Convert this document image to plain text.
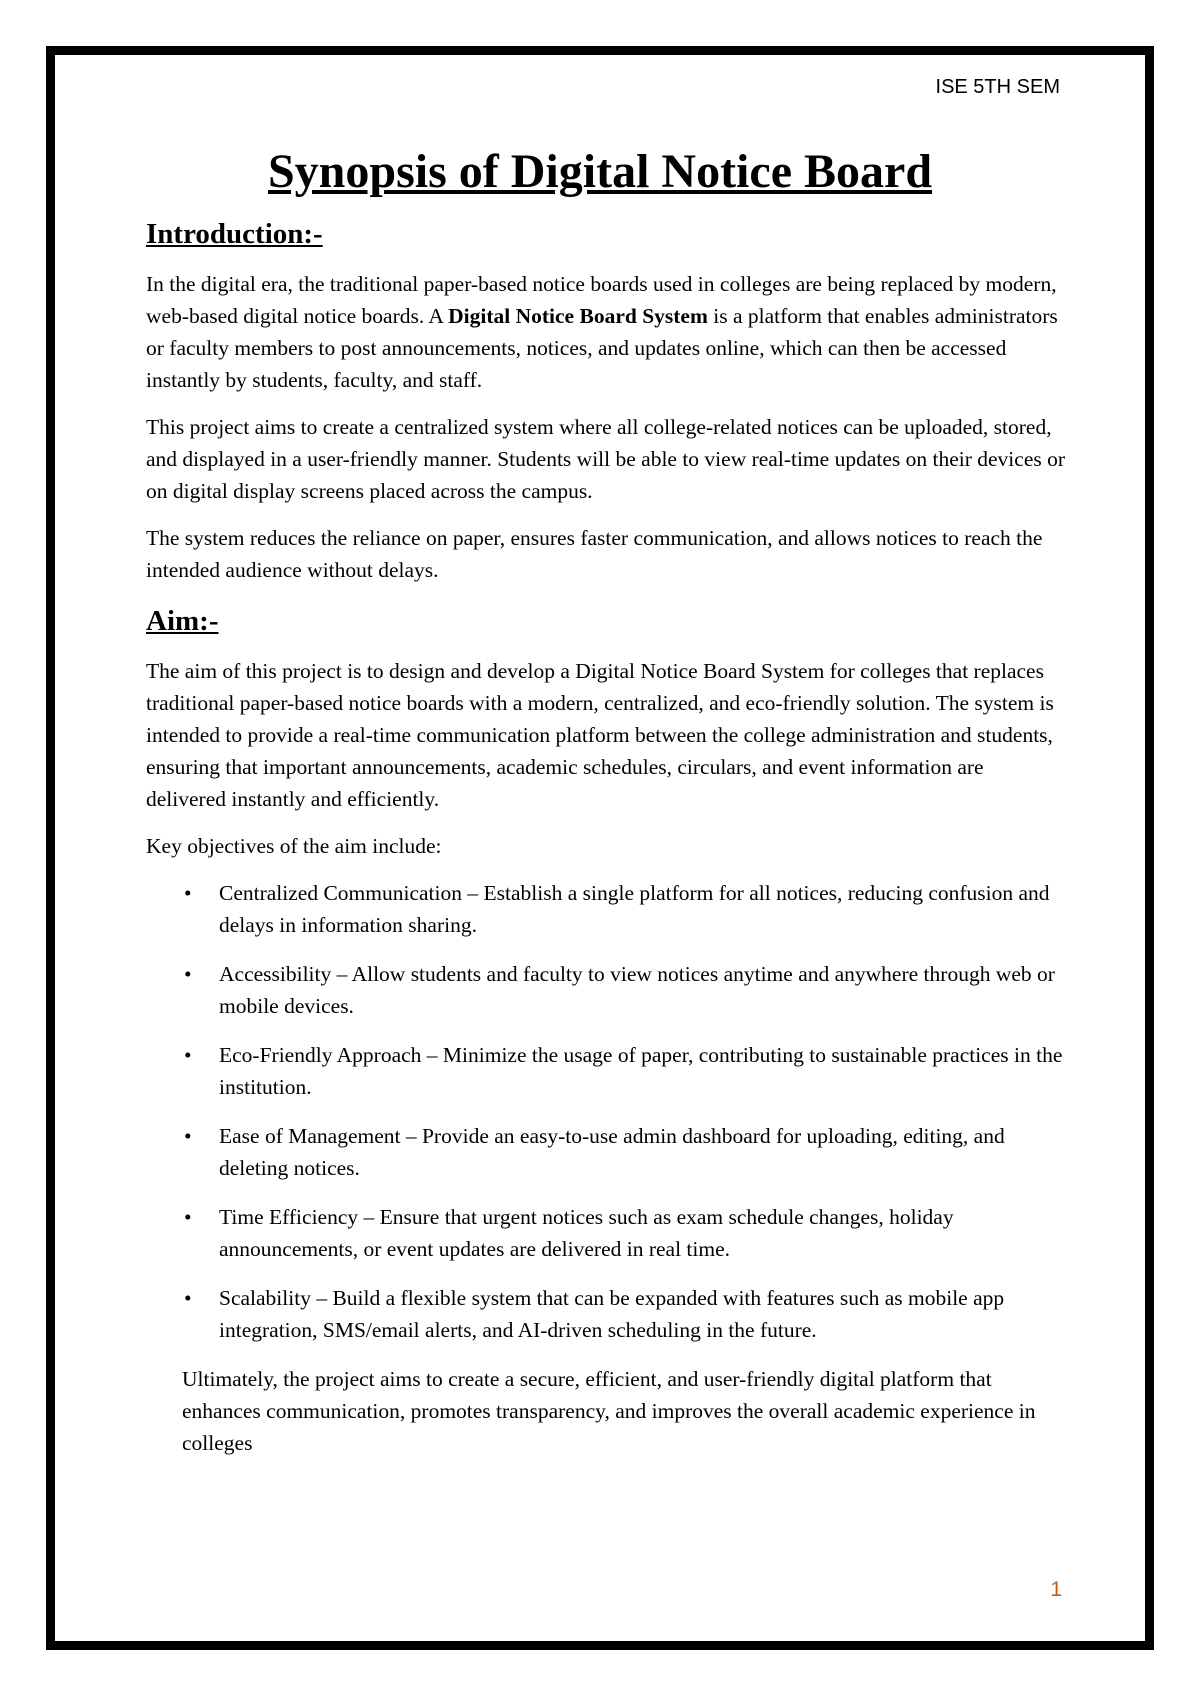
ISE 5TH SEM
Synopsis of Digital Notice Board
Introduction:-

In the digital era, the traditional paper-based notice boards used in colleges are being replaced by modern, web-based digital notice boards. A Digital Notice Board System is a platform that enables administrators or faculty members to post announcements, notices, and updates online, which can then be accessed instantly by students, faculty, and staff.

This project aims to create a centralized system where all college-related notices can be uploaded, stored, and displayed in a user-friendly manner. Students will be able to view real-time updates on their devices or on digital display screens placed across the campus.

The system reduces the reliance on paper, ensures faster communication, and allows notices to reach the intended audience without delays.

Aim:-

The aim of this project is to design and develop a Digital Notice Board System for colleges that replaces traditional paper-based notice boards with a modern, centralized, and eco-friendly solution. The system is intended to provide a real-time communication platform between the college administration and students, ensuring that important announcements, academic schedules, circulars, and event information are delivered instantly and efficiently.

Key objectives of the aim include:

• Centralized Communication – Establish a single platform for all notices, reducing confusion and delays in information sharing.
• Accessibility – Allow students and faculty to view notices anytime and anywhere through web or mobile devices.
• Eco-Friendly Approach – Minimize the usage of paper, contributing to sustainable practices in the institution.
• Ease of Management – Provide an easy-to-use admin dashboard for uploading, editing, and deleting notices.
• Time Efficiency – Ensure that urgent notices such as exam schedule changes, holiday announcements, or event updates are delivered in real time.
• Scalability – Build a flexible system that can be expanded with features such as mobile app integration, SMS/email alerts, and AI-driven scheduling in the future.

Ultimately, the project aims to create a secure, efficient, and user-friendly digital platform that enhances communication, promotes transparency, and improves the overall academic experience in colleges

1
